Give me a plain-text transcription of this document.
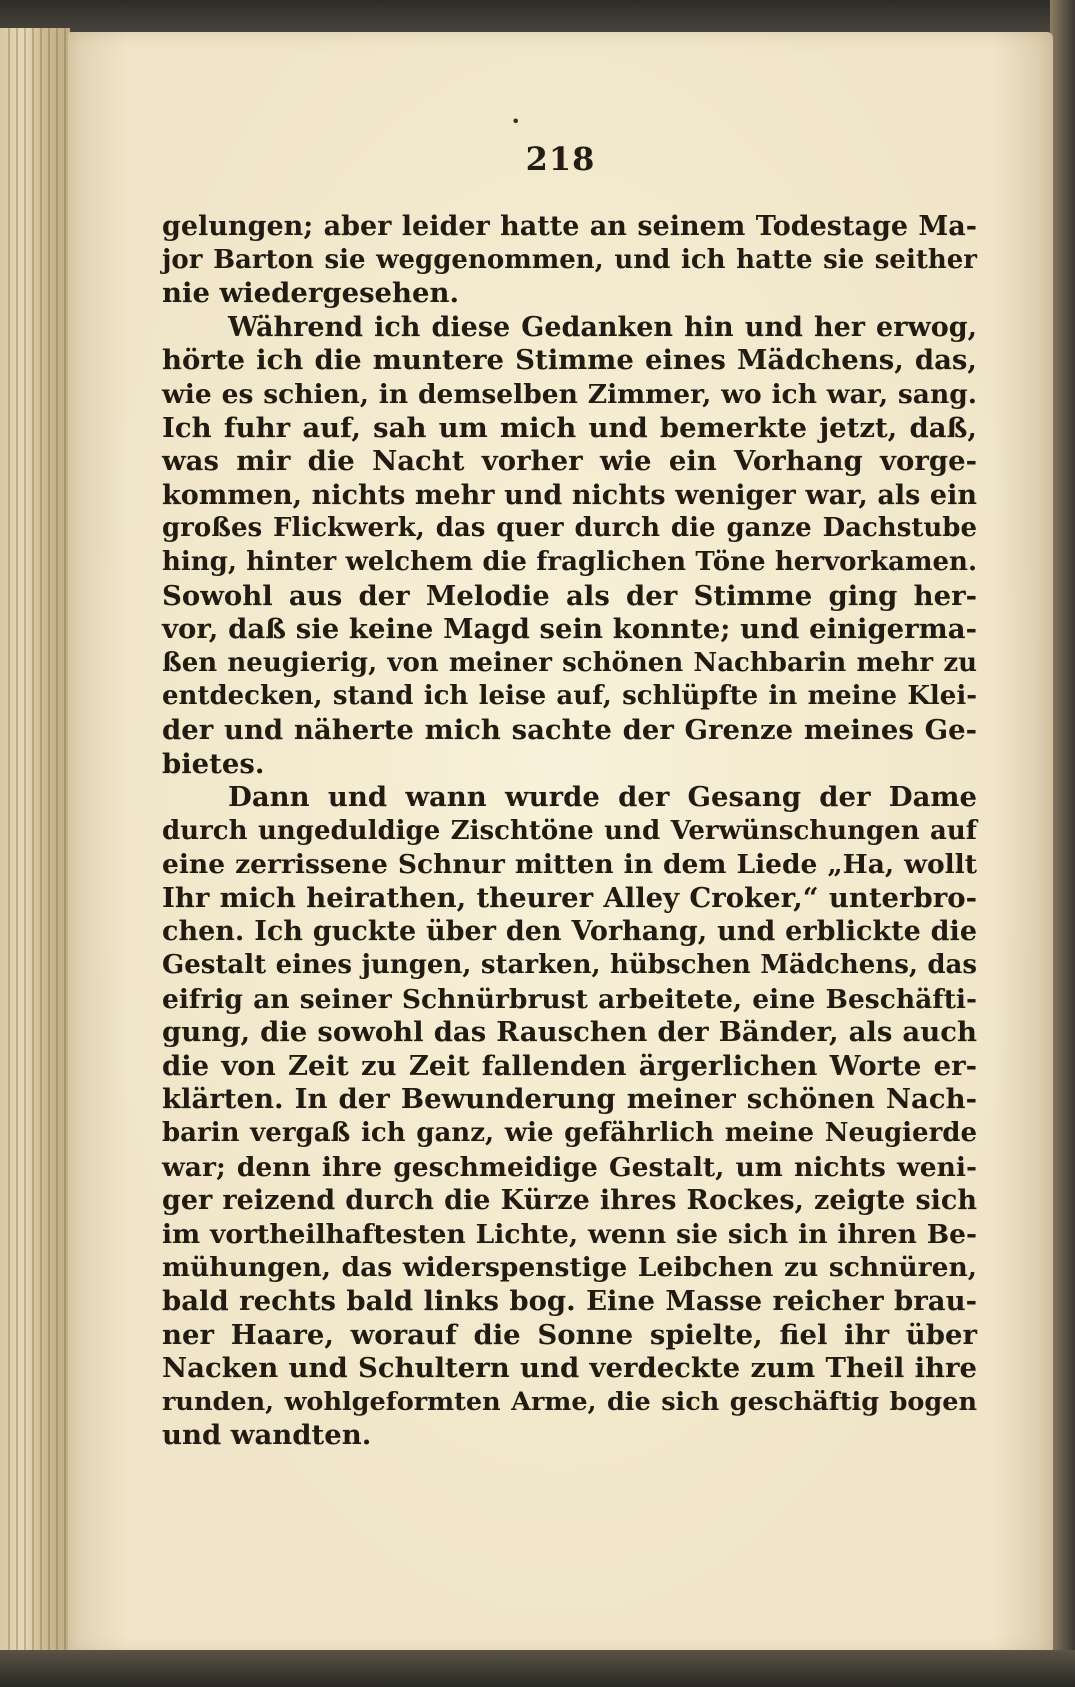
•
218
gelungen; aber leider hatte an seinem Todestage Ma‑
jor Barton sie weggenommen, und ich hatte sie seither
nie wiedergesehen.
Während ich diese Gedanken hin und her erwog,
hörte ich die muntere Stimme eines Mädchens, das,
wie es schien, in demselben Zimmer, wo ich war, sang.
Ich fuhr auf, sah um mich und bemerkte jetzt, daß,
was mir die Nacht vorher wie ein Vorhang vorge‑
kommen, nichts mehr und nichts weniger war, als ein
großes Flickwerk, das quer durch die ganze Dachstube
hing, hinter welchem die fraglichen Töne hervorkamen.
Sowohl aus der Melodie als der Stimme ging her‑
vor, daß sie keine Magd sein konnte; und einigerma‑
ßen neugierig, von meiner schönen Nachbarin mehr zu
entdecken, stand ich leise auf, schlüpfte in meine Klei‑
der und näherte mich sachte der Grenze meines Ge‑
bietes.
Dann und wann wurde der Gesang der Dame
durch ungeduldige Zischtöne und Verwünschungen auf
eine zerrissene Schnur mitten in dem Liede „Ha, wollt
Ihr mich heirathen, theurer Alley Croker,“ unterbro‑
chen. Ich guckte über den Vorhang, und erblickte die
Gestalt eines jungen, starken, hübschen Mädchens, das
eifrig an seiner Schnürbrust arbeitete, eine Beschäfti‑
gung, die sowohl das Rauschen der Bänder, als auch
die von Zeit zu Zeit fallenden ärgerlichen Worte er‑
klärten. In der Bewunderung meiner schönen Nach‑
barin vergaß ich ganz, wie gefährlich meine Neugierde
war; denn ihre geschmeidige Gestalt, um nichts weni‑
ger reizend durch die Kürze ihres Rockes, zeigte sich
im vortheilhaftesten Lichte, wenn sie sich in ihren Be‑
mühungen, das widerspenstige Leibchen zu schnüren,
bald rechts bald links bog. Eine Masse reicher brau‑
ner Haare, worauf die Sonne spielte, fiel ihr über
Nacken und Schultern und verdeckte zum Theil ihre
runden, wohlgeformten Arme, die sich geschäftig bogen
und wandten.
